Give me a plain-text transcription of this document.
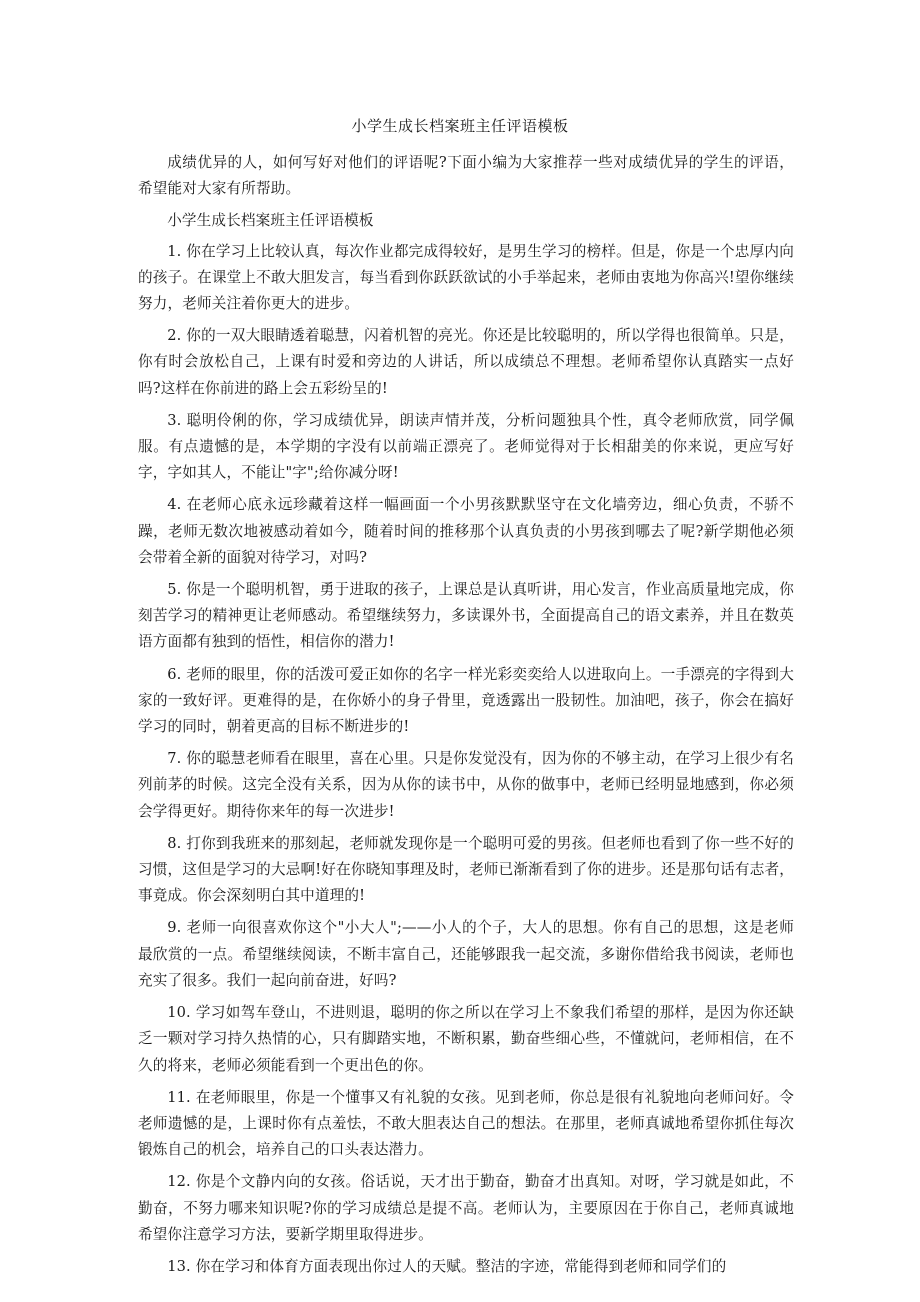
小学生成长档案班主任评语模板

成绩优异的人，如何写好对他们的评语呢?下面小编为大家推荐一些对成绩优异的学生的评语，希望能对大家有所帮助。

小学生成长档案班主任评语模板

1. 你在学习上比较认真，每次作业都完成得较好，是男生学习的榜样。但是，你是一个忠厚内向的孩子。在课堂上不敢大胆发言，每当看到你跃跃欲试的小手举起来，老师由衷地为你高兴!望你继续努力，老师关注着你更大的进步。

2. 你的一双大眼睛透着聪慧，闪着机智的亮光。你还是比较聪明的，所以学得也很简单。只是，你有时会放松自己，上课有时爱和旁边的人讲话，所以成绩总不理想。老师希望你认真踏实一点好吗?这样在你前进的路上会五彩纷呈的!

3. 聪明伶俐的你，学习成绩优异，朗读声情并茂，分析问题独具个性，真令老师欣赏，同学佩服。有点遗憾的是，本学期的字没有以前端正漂亮了。老师觉得对于长相甜美的你来说，更应写好字，字如其人，不能让"字";给你减分呀!

4. 在老师心底永远珍藏着这样一幅画面一个小男孩默默坚守在文化墙旁边，细心负责，不骄不躁，老师无数次地被感动着如今，随着时间的推移那个认真负责的小男孩到哪去了呢?新学期他必须会带着全新的面貌对待学习，对吗?

5. 你是一个聪明机智，勇于进取的孩子，上课总是认真听讲，用心发言，作业高质量地完成，你刻苦学习的精神更让老师感动。希望继续努力，多读课外书，全面提高自己的语文素养，并且在数英语方面都有独到的悟性，相信你的潜力!

6. 老师的眼里，你的活泼可爱正如你的名字一样光彩奕奕给人以进取向上。一手漂亮的字得到大家的一致好评。更难得的是，在你娇小的身子骨里，竟透露出一股韧性。加油吧，孩子，你会在搞好学习的同时，朝着更高的目标不断进步的!

7. 你的聪慧老师看在眼里，喜在心里。只是你发觉没有，因为你的不够主动，在学习上很少有名列前茅的时候。这完全没有关系，因为从你的读书中，从你的做事中，老师已经明显地感到，你必须会学得更好。期待你来年的每一次进步!

8. 打你到我班来的那刻起，老师就发现你是一个聪明可爱的男孩。但老师也看到了你一些不好的习惯，这但是学习的大忌啊!好在你晓知事理及时，老师已渐渐看到了你的进步。还是那句话有志者，事竟成。你会深刻明白其中道理的!

9. 老师一向很喜欢你这个"小大人";——小人的个子，大人的思想。你有自己的思想，这是老师最欣赏的一点。希望继续阅读，不断丰富自己，还能够跟我一起交流，多谢你借给我书阅读，老师也充实了很多。我们一起向前奋进，好吗?

10. 学习如驾车登山，不进则退，聪明的你之所以在学习上不象我们希望的那样，是因为你还缺乏一颗对学习持久热情的心，只有脚踏实地，不断积累，勤奋些细心些，不懂就问，老师相信，在不久的将来，老师必须能看到一个更出色的你。

11. 在老师眼里，你是一个懂事又有礼貌的女孩。见到老师，你总是很有礼貌地向老师问好。令老师遗憾的是，上课时你有点羞怯，不敢大胆表达自己的想法。在那里，老师真诚地希望你抓住每次锻炼自己的机会，培养自己的口头表达潜力。

12. 你是个文静内向的女孩。俗话说，天才出于勤奋，勤奋才出真知。对呀，学习就是如此，不勤奋，不努力哪来知识呢?你的学习成绩总是提不高。老师认为，主要原因在于你自己，老师真诚地希望你注意学习方法，要新学期里取得进步。

13. 你在学习和体育方面表现出你过人的天赋。整洁的字迹，常能得到老师和同学们的
